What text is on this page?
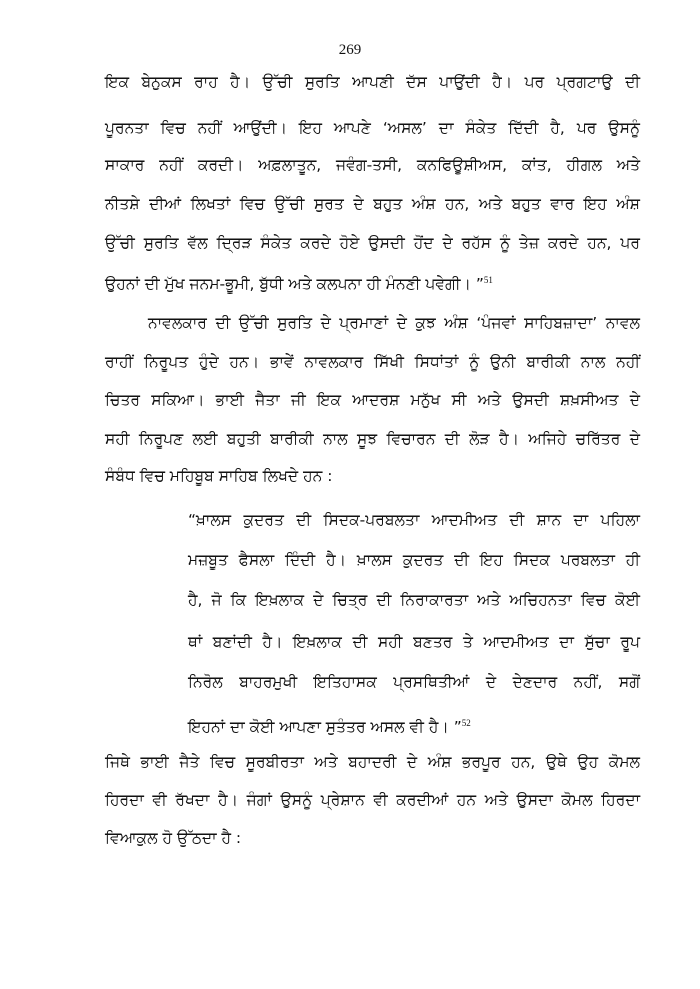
269
ਇਕ ਬੇਨੁਕਸ ਰਾਹ ਹੈ। ਉੱਚੀ ਸੁਰਤਿ ਆਪਣੀ ਦੱਸ ਪਾਉਂਦੀ ਹੈ। ਪਰ ਪ੍ਰਗਟਾਉ ਦੀ
ਪੂਰਨਤਾ ਵਿਚ ਨਹੀਂ ਆਉਂਦੀ। ਇਹ ਆਪਣੇ ‘ਅਸਲ’ ਦਾ ਸੰਕੇਤ ਦਿੱਦੀ ਹੈ, ਪਰ ਉਸਨੂੰ
ਸਾਕਾਰ ਨਹੀਂ ਕਰਦੀ। ਅਫ਼ਲਾਤੂਨ, ਜਵੰਗ-ਤਸੀ, ਕਨਫਿਊਸ਼ੀਅਸ, ਕਾਂਤ, ਹੀਗਲ ਅਤੇ
ਨੀਤਸ਼ੇ ਦੀਆਂ ਲਿਖਤਾਂ ਵਿਚ ਉੱਚੀ ਸੁਰਤ ਦੇ ਬਹੁਤ ਅੰਸ਼ ਹਨ, ਅਤੇ ਬਹੁਤ ਵਾਰ ਇਹ ਅੰਸ਼
ਉੱਚੀ ਸੁਰਤਿ ਵੱਲ ਦ੍ਰਿੜ ਸੰਕੇਤ ਕਰਦੇ ਹੋਏ ਉਸਦੀ ਹੋਂਦ ਦੇ ਰਹੱਸ ਨੂੰ ਤੇਜ਼ ਕਰਦੇ ਹਨ, ਪਰ
ਉਹਨਾਂ ਦੀ ਮੁੱਖ ਜਨਮ-ਭੂਮੀ, ਬੁੱਧੀ ਅਤੇ ਕਲਪਨਾ ਹੀ ਮੰਨਣੀ ਪਵੇਗੀ। ”$^{51}$
ਨਾਵਲਕਾਰ ਦੀ ਉੱਚੀ ਸੁਰਤਿ ਦੇ ਪ੍ਰਮਾਣਾਂ ਦੇ ਕੁਝ ਅੰਸ਼ ‘ਪੰਜਵਾਂ ਸਾਹਿਬਜ਼ਾਦਾ’ ਨਾਵਲ
ਰਾਹੀਂ ਨਿਰੂਪਤ ਹੁੰਦੇ ਹਨ। ਭਾਵੇਂ ਨਾਵਲਕਾਰ ਸਿੱਖੀ ਸਿਧਾਂਤਾਂ ਨੂੰ ਉਨੀ ਬਾਰੀਕੀ ਨਾਲ ਨਹੀਂ
ਚਿਤਰ ਸਕਿਆ। ਭਾਈ ਜੈਤਾ ਜੀ ਇਕ ਆਦਰਸ਼ ਮਨੁੱਖ ਸੀ ਅਤੇ ਉਸਦੀ ਸ਼ਖ਼ਸੀਅਤ ਦੇ
ਸਹੀ ਨਿਰੂਪਣ ਲਈ ਬਹੁਤੀ ਬਾਰੀਕੀ ਨਾਲ ਸੂਝ ਵਿਚਾਰਨ ਦੀ ਲੋੜ ਹੈ। ਅਜਿਹੇ ਚਰਿੱਤਰ ਦੇ
ਸੰਬੰਧ ਵਿਚ ਮਹਿਬੂਬ ਸਾਹਿਬ ਲਿਖਦੇ ਹਨ :
“ਖ਼ਾਲਸ ਕੁਦਰਤ ਦੀ ਸਿਦਕ-ਪਰਬਲਤਾ ਆਦਮੀਅਤ ਦੀ ਸ਼ਾਨ ਦਾ ਪਹਿਲਾ
ਮਜ਼ਬੂਤ ਫੈਸਲਾ ਦਿੰਦੀ ਹੈ। ਖ਼ਾਲਸ ਕੁਦਰਤ ਦੀ ਇਹ ਸਿਦਕ ਪਰਬਲਤਾ ਹੀ
ਹੈ, ਜੋ ਕਿ ਇਖ਼ਲਾਕ ਦੇ ਚਿਤ੍ਰ ਦੀ ਨਿਰਾਕਾਰਤਾ ਅਤੇ ਅਚਿਹਨਤਾ ਵਿਚ ਕੋਈ
ਥਾਂ ਬਣਾਂਦੀ ਹੈ। ਇਖ਼ਲਾਕ ਦੀ ਸਹੀ ਬਣਤਰ ਤੇ ਆਦਮੀਅਤ ਦਾ ਸੁੱਚਾ ਰੂਪ
ਨਿਰੋਲ ਬਾਹਰਮੁਖੀ ਇਤਿਹਾਸਕ ਪ੍ਰਸਥਿਤੀਆਂ ਦੇ ਦੇਣਦਾਰ ਨਹੀਂ, ਸਗੋਂ
ਇਹਨਾਂ ਦਾ ਕੋਈ ਆਪਣਾ ਸੁਤੰਤਰ ਅਸਲ ਵੀ ਹੈ। ”$^{52}$
ਜਿਥੇ ਭਾਈ ਜੈਤੇ ਵਿਚ ਸੂਰਬੀਰਤਾ ਅਤੇ ਬਹਾਦਰੀ ਦੇ ਅੰਸ਼ ਭਰਪੂਰ ਹਨ, ਉਥੇ ਉਹ ਕੋਮਲ
ਹਿਰਦਾ ਵੀ ਰੱਖਦਾ ਹੈ। ਜੰਗਾਂ ਉਸਨੂੰ ਪ੍ਰੇਸ਼ਾਨ ਵੀ ਕਰਦੀਆਂ ਹਨ ਅਤੇ ਉਸਦਾ ਕੋਮਲ ਹਿਰਦਾ
ਵਿਆਕੁਲ ਹੋ ਉੱਠਦਾ ਹੈ :
